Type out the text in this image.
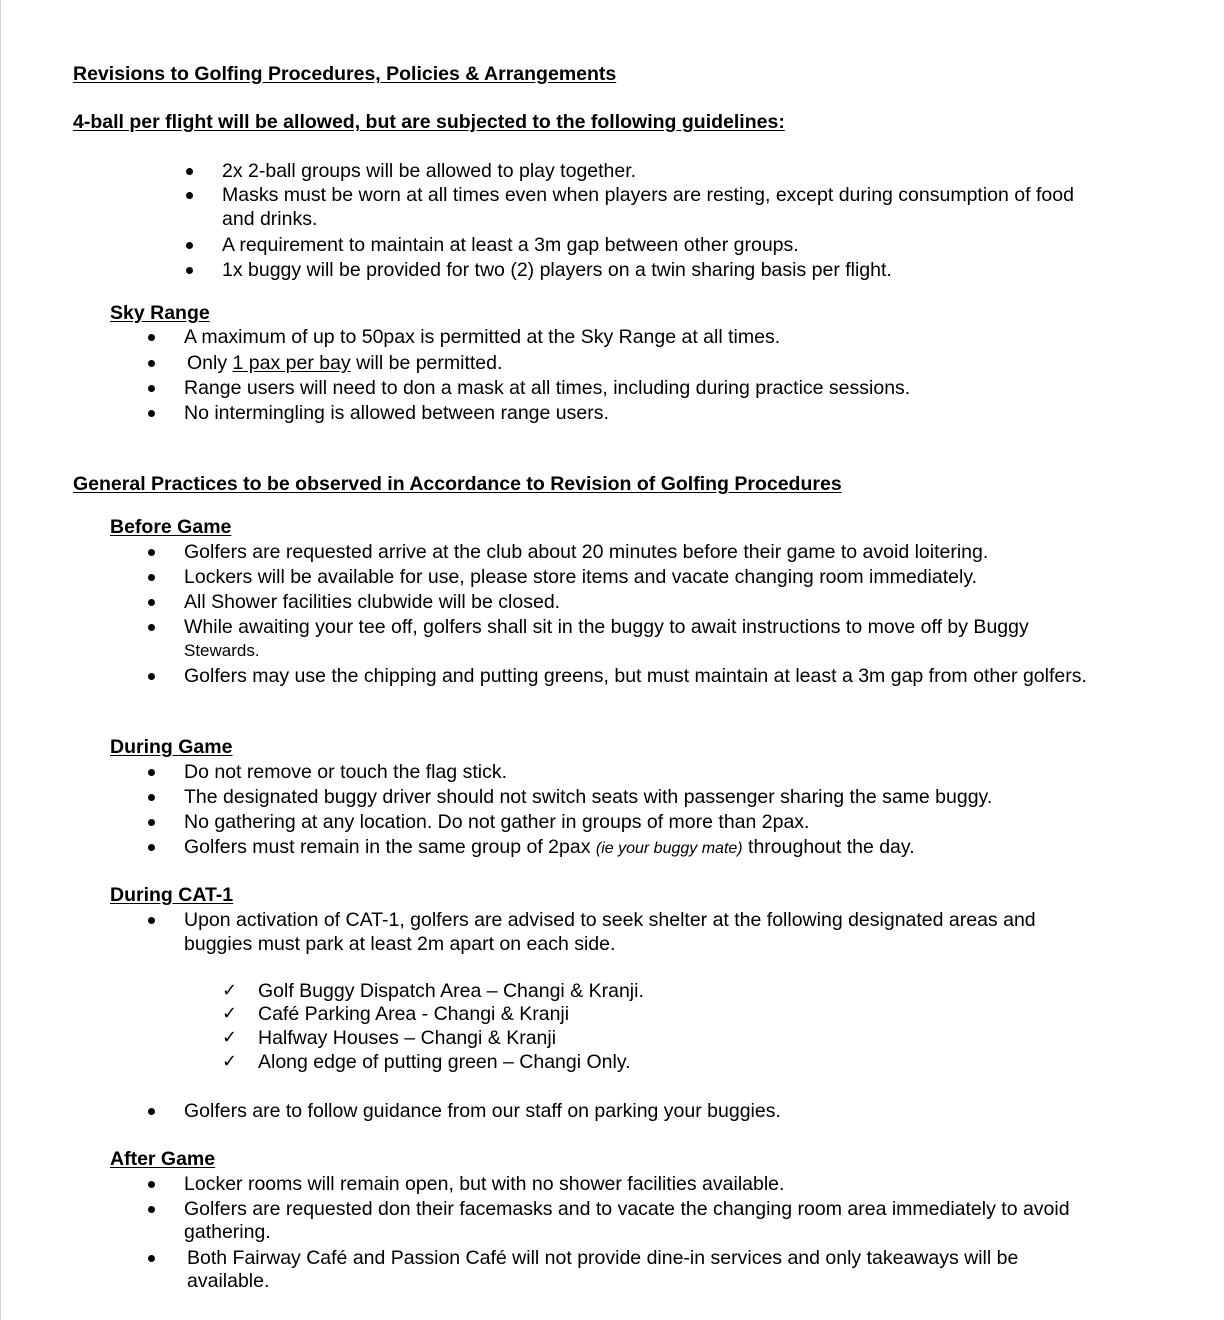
Revisions to Golfing Procedures, Policies & Arrangements
4-ball per flight will be allowed, but are subjected to the following guidelines:
2x 2-ball groups will be allowed to play together.
Masks must be worn at all times even when players are resting, except during consumption of food
and drinks.
A requirement to maintain at least a 3m gap between other groups.
1x buggy will be provided for two (2) players on a twin sharing basis per flight.
Sky Range
A maximum of up to 50pax is permitted at the Sky Range at all times.
Only 1 pax per bay will be permitted.
Range users will need to don a mask at all times, including during practice sessions.
No intermingling is allowed between range users.
General Practices to be observed in Accordance to Revision of Golfing Procedures
Before Game
Golfers are requested arrive at the club about 20 minutes before their game to avoid loitering.
Lockers will be available for use, please store items and vacate changing room immediately.
All Shower facilities clubwide will be closed.
While awaiting your tee off, golfers shall sit in the buggy to await instructions to move off by Buggy
Stewards.
Golfers may use the chipping and putting greens, but must maintain at least a 3m gap from other golfers.
During Game
Do not remove or touch the flag stick.
The designated buggy driver should not switch seats with passenger sharing the same buggy.
No gathering at any location. Do not gather in groups of more than 2pax.
Golfers must remain in the same group of 2pax (ie your buggy mate) throughout the day.
During CAT-1
Upon activation of CAT-1, golfers are advised to seek shelter at the following designated areas and
buggies must park at least 2m apart on each side.
✓ Golf Buggy Dispatch Area – Changi & Kranji.
✓ Café Parking Area - Changi & Kranji
✓ Halfway Houses – Changi & Kranji
✓ Along edge of putting green – Changi Only.
Golfers are to follow guidance from our staff on parking your buggies.
After Game
Locker rooms will remain open, but with no shower facilities available.
Golfers are requested don their facemasks and to vacate the changing room area immediately to avoid
gathering.
Both Fairway Café and Passion Café will not provide dine-in services and only takeaways will be
available.
